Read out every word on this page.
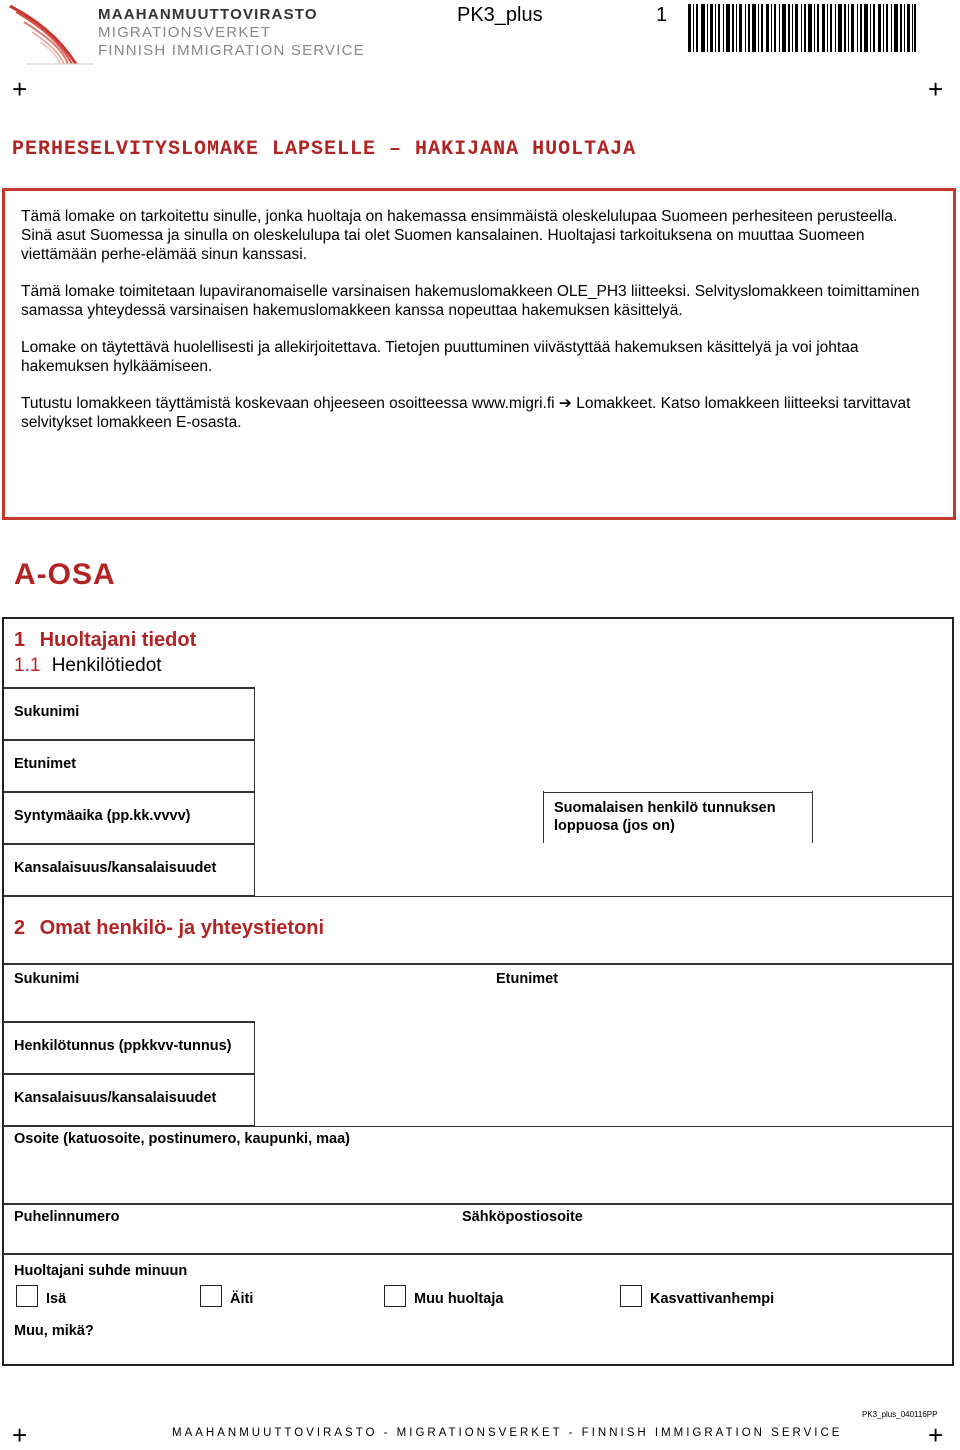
MAAHANMUUTTOVIRASTO
MIGRATIONSVERKET
FINNISH IMMIGRATION SERVICE
PK3_plus	1
+	+
PERHESELVITYSLOMAKE LAPSELLE – HAKIJANA HUOLTAJA

Tämä lomake on tarkoitettu sinulle, jonka huoltaja on hakemassa ensimmäistä oleskelulupaa Suomeen perhesiteen perusteella. Sinä asut Suomessa ja sinulla on oleskelulupa tai olet Suomen kansalainen. Huoltajasi tarkoituksena on muuttaa Suomeen viettämään perhe-elämää sinun kanssasi.

Tämä lomake toimitetaan lupaviranomaiselle varsinaisen hakemuslomakkeen OLE_PH3 liitteeksi. Selvityslomakkeen toimittaminen samassa yhteydessä varsinaisen hakemuslomakkeen kanssa nopeuttaa hakemuksen käsittelyä.

Lomake on täytettävä huolellisesti ja allekirjoitettava. Tietojen puuttuminen viivästyttää hakemuksen käsittelyä ja voi johtaa hakemuksen hylkäämiseen.

Tutustu lomakkeen täyttämistä koskevaan ohjeeseen osoitteessa www.migri.fi ➔ Lomakkeet. Katso lomakkeen liitteeksi tarvittavat selvitykset lomakkeen E-osasta.

A-OSA
1 Huoltajani tiedot
1.1 Henkilötiedot
Sukunimi
Etunimet
Syntymäaika (pp.kk.vvvv)	Suomalaisen henkilö tunnuksen loppuosa (jos on)
Kansalaisuus/kansalaisuudet
2 Omat henkilö- ja yhteystietoni
Sukunimi	Etunimet
Henkilötunnus (ppkkvv-tunnus)
Kansalaisuus/kansalaisuudet
Osoite (katuosoite, postinumero, kaupunki, maa)
Puhelinnumero	Sähköpostiosoite
Huoltajani suhde minuun
Isä	Äiti	Muu huoltaja	Kasvattivanhempi
Muu, mikä?
PK3_plus_040116PP
MAAHANMUUTTOVIRASTO - MIGRATIONSVERKET - FINNISH IMMIGRATION SERVICE
+	+
